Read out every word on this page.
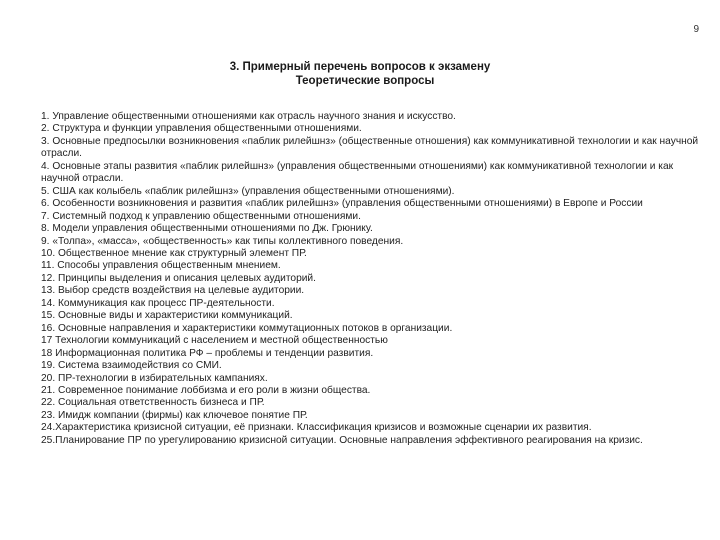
9
3. Примерный перечень вопросов к экзамену
Теоретические вопросы
1. Управление общественными отношениями как отрасль научного знания и искусство.
2. Структура и функции управления общественными отношениями.
3. Основные предпосылки возникновения «паблик рилейшнз» (общественные отношения) как коммуникативной технологии и как научной отрасли.
4. Основные этапы развития «паблик рилейшнз» (управления общественными отношениями) как коммуникативной технологии и как научной отрасли.
5. США как колыбель «паблик рилейшнз» (управления общественными отношениями).
6. Особенности возникновения и развития «паблик рилейшнз» (управления общественными отношениями) в Европе и России
7. Системный подход к управлению общественными отношениями.
8. Модели управления общественными отношениями по Дж. Грюнику.
9. «Толпа», «масса», «общественность» как типы коллективного поведения.
10. Общественное мнение как структурный элемент ПР.
11. Способы управления общественным мнением.
12. Принципы выделения и описания целевых аудиторий.
13. Выбор средств воздействия на целевые аудитории.
14. Коммуникация как процесс ПР-деятельности.
15. Основные виды и характеристики коммуникаций.
16. Основные направления и характеристики коммутационных потоков в организации.
17 Технологии коммуникаций с населением и местной общественностью
18 Информационная политика РФ – проблемы и тенденции развития.
19. Система взаимодействия со СМИ.
20. ПР-технологии в избирательных кампаниях.
21. Современное понимание лоббизма и его роли в жизни общества.
22. Социальная ответственность бизнеса и ПР.
23. Имидж компании (фирмы) как ключевое понятие ПР.
24.Характеристика кризисной ситуации, её признаки. Классификация кризисов и возможные сценарии их развития.
25.Планирование ПР по урегулированию кризисной ситуации. Основные направления эффективного реагирования на кризис.
